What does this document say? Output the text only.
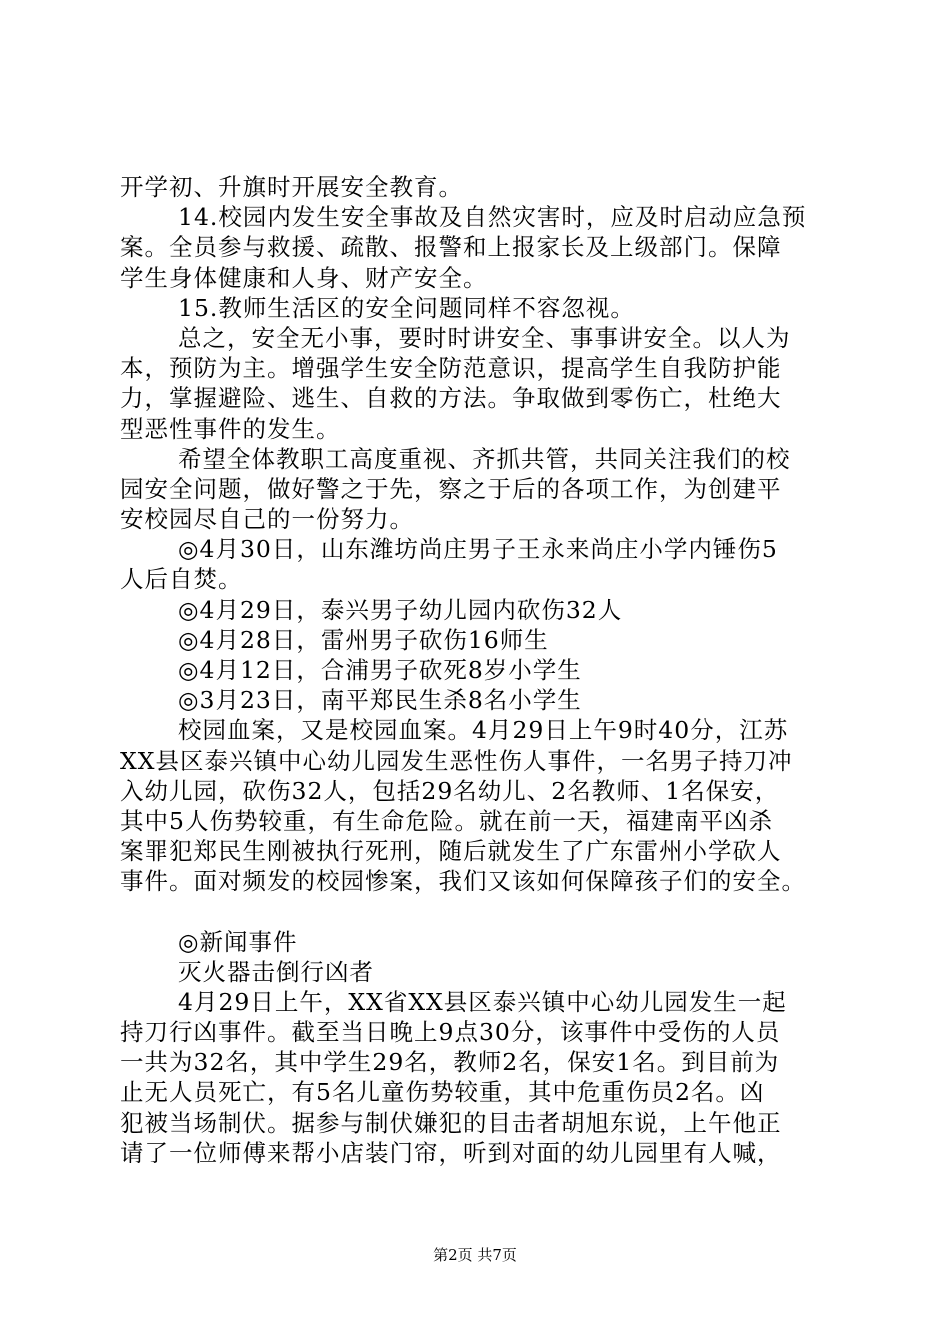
开学初、升旗时开展安全教育。
14.校园内发生安全事故及自然灾害时，应及时启动应急预
案。全员参与救援、疏散、报警和上报家长及上级部门。保障
学生身体健康和人身、财产安全。
15.教师生活区的安全问题同样不容忽视。
总之，安全无小事，要时时讲安全、事事讲安全。以人为
本，预防为主。增强学生安全防范意识，提高学生自我防护能
力，掌握避险、逃生、自救的方法。争取做到零伤亡，杜绝大
型恶性事件的发生。
希望全体教职工高度重视、齐抓共管，共同关注我们的校
园安全问题，做好警之于先，察之于后的各项工作，为创建平
安校园尽自己的一份努力。
◎4月30日，山东潍坊尚庄男子王永来尚庄小学内锤伤5
人后自焚。
◎4月29日，泰兴男子幼儿园内砍伤32人
◎4月28日，雷州男子砍伤16师生
◎4月12日，合浦男子砍死8岁小学生
◎3月23日，南平郑民生杀8名小学生
校园血案，又是校园血案。4月29日上午9时40分，江苏
XX县区泰兴镇中心幼儿园发生恶性伤人事件，一名男子持刀冲
入幼儿园，砍伤32人，包括29名幼儿、2名教师、1名保安，
其中5人伤势较重，有生命危险。就在前一天，福建南平凶杀
案罪犯郑民生刚被执行死刑，随后就发生了广东雷州小学砍人
事件。面对频发的校园惨案，我们又该如何保障孩子们的安全。
◎新闻事件
灭火器击倒行凶者
4月29日上午，XX省XX县区泰兴镇中心幼儿园发生一起
持刀行凶事件。截至当日晚上9点30分，该事件中受伤的人员
一共为32名，其中学生29名，教师2名，保安1名。到目前为
止无人员死亡，有5名儿童伤势较重，其中危重伤员2名。凶
犯被当场制伏。据参与制伏嫌犯的目击者胡旭东说，上午他正
请了一位师傅来帮小店装门帘，听到对面的幼儿园里有人喊，
第2页 共7页
